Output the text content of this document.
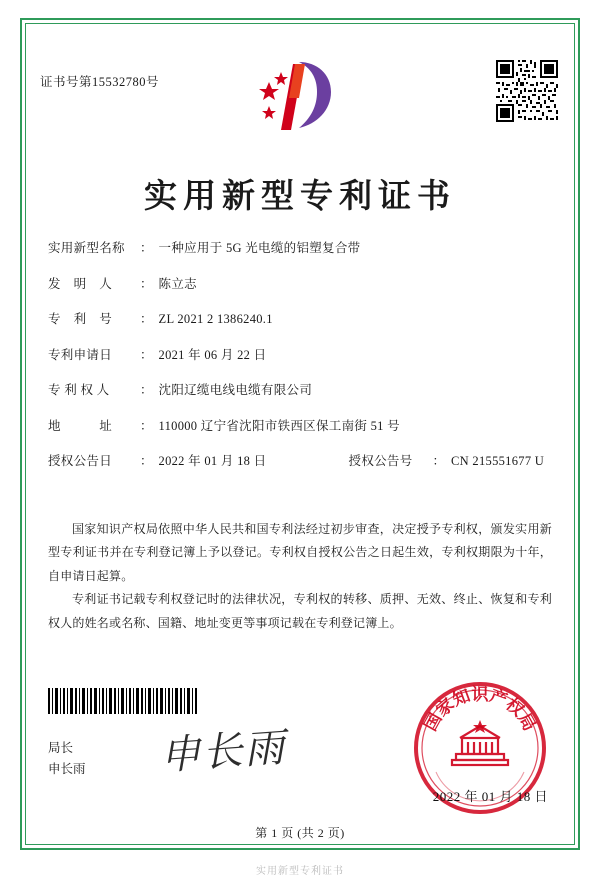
证书号第15532780号
实用新型专利证书
实用新型名称	： 一种应用于 5G 光电缆的铝塑复合带
发　明　人	： 陈立志
专　利　号	： ZL 2021 2 1386240.1
专利申请日	： 2021 年 06 月 22 日
专 利 权 人	： 沈阳辽缆电线电缆有限公司
地　　　址	： 110000 辽宁省沈阳市铁西区保工南街 51 号
授权公告日	： 2022 年 01 月 18 日	授权公告号	： CN 215551677 U

国家知识产权局依照中华人民共和国专利法经过初步审查，决定授予专利权，颁发实用新型专利证书并在专利登记簿上予以登记。专利权自授权公告之日起生效，专利权期限为十年，自申请日起算。

专利证书记载专利权登记时的法律状况，专利权的转移、质押、无效、终止、恢复和专利权人的姓名或名称、国籍、地址变更等事项记载在专利登记簿上。

申长雨
局长
申长雨
国家知识产权局
2022 年 01 月 18 日
第 1 页 (共 2 页)
实用新型专利证书
